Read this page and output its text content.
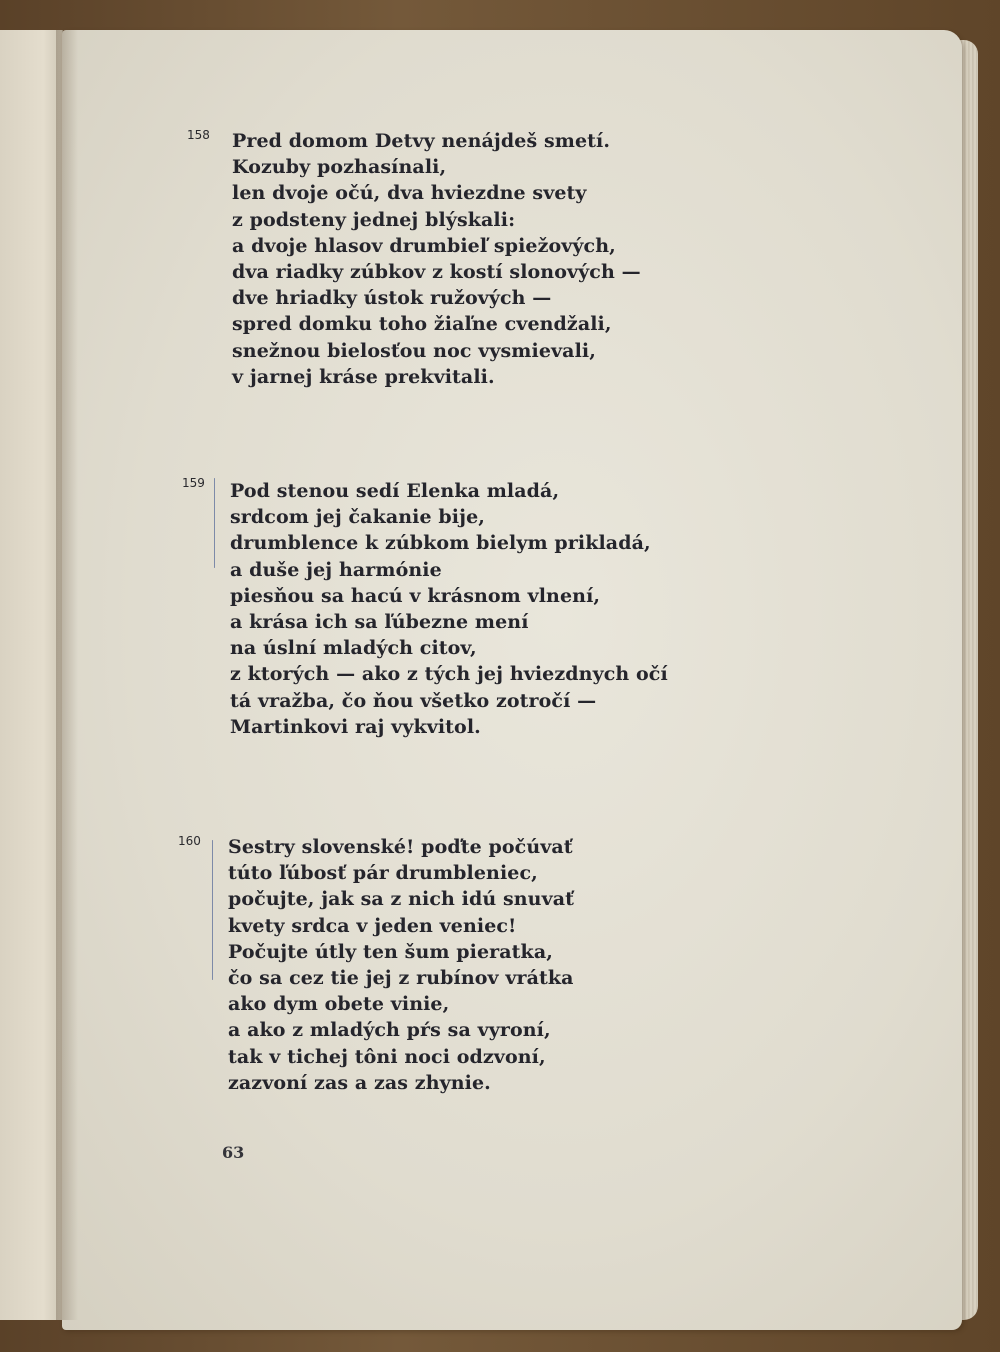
158 Pred domom Detvy nenájdeš smetí.
Kozuby pozhasínali,
len dvoje očú, dva hviezdne svety
z podsteny jednej blýskali:
a dvoje hlasov drumbieľ spiežových,
dva riadky zúbkov z kostí slonových —
dve hriadky ústok ružových —
spred domku toho žiaľne cvendžali,
snežnou bielosťou noc vysmievali,
v jarnej kráse prekvitali.
159 Pod stenou sedí Elenka mladá,
srdcom jej čakanie bije,
drumblence k zúbkom bielym prikladá,
a duše jej harmónie
piesňou sa hacú v krásnom vlnení,
a krása ich sa ľúbezne mení
na úslní mladých citov,
z ktorých — ako z tých jej hviezdnych očí
tá vražba, čo ňou všetko zotročí —
Martinkovi raj vykvitol.
160 Sestry slovenské! poďte počúvať
túto ľúbosť pár drumbleniec,
počujte, jak sa z nich idú snuvať
kvety srdca v jeden veniec!
Počujte útly ten šum pieratka,
čo sa cez tie jej z rubínov vrátka
ako dym obete vinie,
a ako z mladých pŕs sa vyroní,
tak v tichej tôni noci odzvoní,
zazvoní zas a zas zhynie.
63
